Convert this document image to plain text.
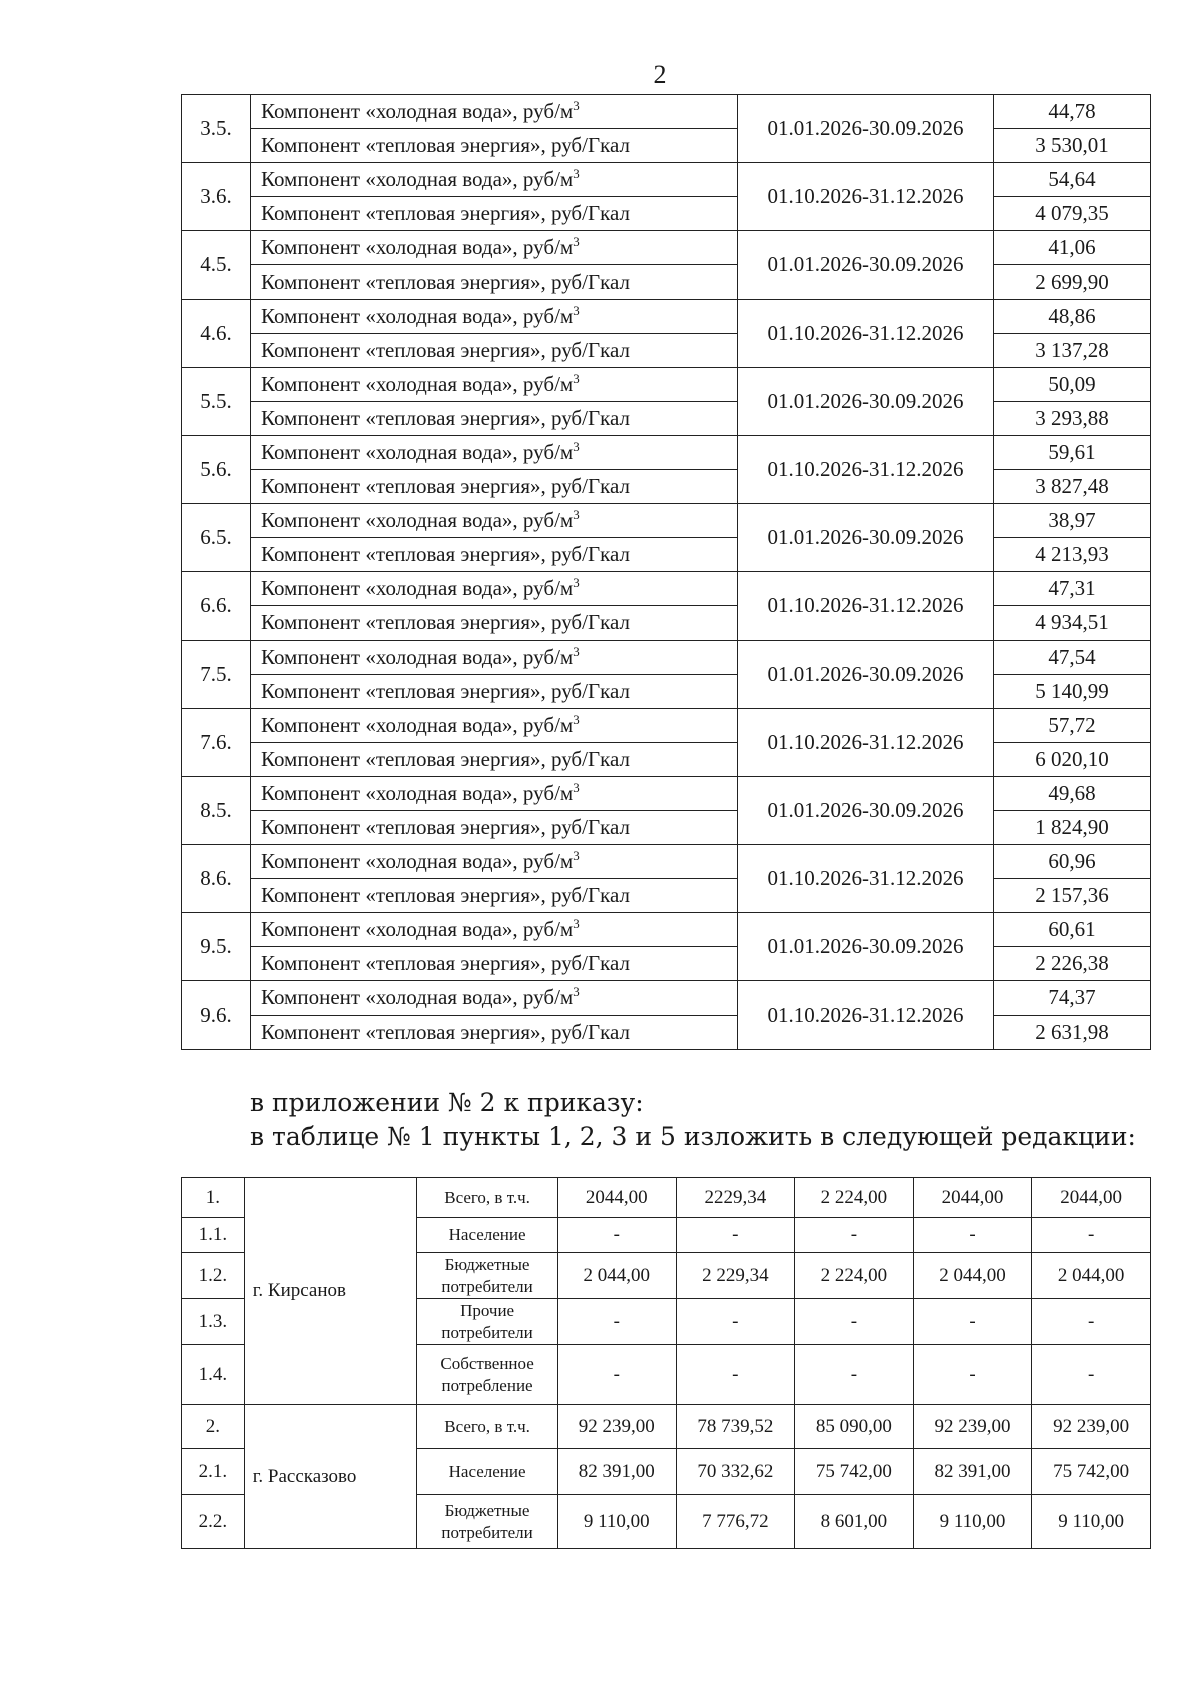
2
3.5.	Компонент «холодная вода», руб/$м^3$	01.01.2026-30.09.2026	44,78
	Компонент «тепловая энергия», руб/Гкал		3 530,01
3.6.	Компонент «холодная вода», руб/$м^3$	01.10.2026-31.12.2026	54,64
	Компонент «тепловая энергия», руб/Гкал		4 079,35
4.5.	Компонент «холодная вода», руб/$м^3$	01.01.2026-30.09.2026	41,06
	Компонент «тепловая энергия», руб/Гкал		2 699,90
4.6.	Компонент «холодная вода», руб/$м^3$	01.10.2026-31.12.2026	48,86
	Компонент «тепловая энергия», руб/Гкал		3 137,28
5.5.	Компонент «холодная вода», руб/$м^3$	01.01.2026-30.09.2026	50,09
	Компонент «тепловая энергия», руб/Гкал		3 293,88
5.6.	Компонент «холодная вода», руб/$м^3$	01.10.2026-31.12.2026	59,61
	Компонент «тепловая энергия», руб/Гкал		3 827,48
6.5.	Компонент «холодная вода», руб/$м^3$	01.01.2026-30.09.2026	38,97
	Компонент «тепловая энергия», руб/Гкал		4 213,93
6.6.	Компонент «холодная вода», руб/$м^3$	01.10.2026-31.12.2026	47,31
	Компонент «тепловая энергия», руб/Гкал		4 934,51
7.5.	Компонент «холодная вода», руб/$м^3$	01.01.2026-30.09.2026	47,54
	Компонент «тепловая энергия», руб/Гкал		5 140,99
7.6.	Компонент «холодная вода», руб/$м^3$	01.10.2026-31.12.2026	57,72
	Компонент «тепловая энергия», руб/Гкал		6 020,10
8.5.	Компонент «холодная вода», руб/$м^3$	01.01.2026-30.09.2026	49,68
	Компонент «тепловая энергия», руб/Гкал		1 824,90
8.6.	Компонент «холодная вода», руб/$м^3$	01.10.2026-31.12.2026	60,96
	Компонент «тепловая энергия», руб/Гкал		2 157,36
9.5.	Компонент «холодная вода», руб/$м^3$	01.01.2026-30.09.2026	60,61
	Компонент «тепловая энергия», руб/Гкал		2 226,38
9.6.	Компонент «холодная вода», руб/$м^3$	01.10.2026-31.12.2026	74,37
	Компонент «тепловая энергия», руб/Гкал		2 631,98
в приложении № 2 к приказу:
в таблице № 1 пункты 1, 2, 3 и 5 изложить в следующей редакции:
1.	г. Кирсанов	Всего, в т.ч.	2044,00	2229,34	2 224,00	2044,00	2044,00
1.1.		Население	-	-	-	-	-
1.2.		Бюджетные потребители	2 044,00	2 229,34	2 224,00	2 044,00	2 044,00
1.3.		Прочие потребители	-	-	-	-	-
1.4.		Собственное потребление	-	-	-	-	-
2.	г. Рассказово	Всего, в т.ч.	92 239,00	78 739,52	85 090,00	92 239,00	92 239,00
2.1.		Население	82 391,00	70 332,62	75 742,00	82 391,00	75 742,00
2.2.		Бюджетные потребители	9 110,00	7 776,72	8 601,00	9 110,00	9 110,00
